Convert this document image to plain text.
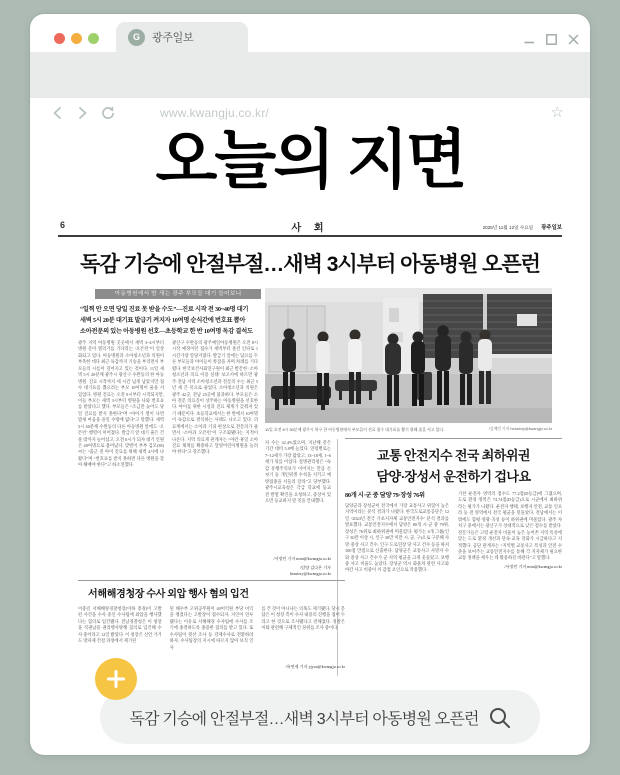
G	광주일보
www.kwangju.co.kr/	☆
오늘의 지면
6	사 회	2025년 11월 12일 수요일 광주일보
독감 기승에 안절부절…새벽 3시부터 아동병원 오픈런
아동병원에서 밤 새는 광주 부모들 대기 들어보니
“일찍 안 오면 당일 진료 못 받을 수도”—진료 시작 전 30~40명 대기
새벽 5시 20분 대기표 발급기 켜지자 10여명 순식간에 번호표 뽑아
소아전문의 있는 아동병원 선호—초등학교 한 반 10여명 독감 결석도
광주 지역 아동병원 곳곳에서 새벽 3~4시부터 병원 문이 열리기를 기다리는 ‘오픈런’이 일상화되고 있다. 아동병원과 소아청소년과 의원이 부족한 데다 최근 독감까지 기승을 부리면서 부모들의 시름이 깊어지고 있는 것이다. 11일 새벽 5시 20분께 광주시 광산구 수완동의 한 아동병원. 진료 시작까지 세 시간 넘게 남았지만 접수 대기표를 뽑으려는 부모 10여명이 줄을 서 있었다. 병원 진료는 오전 9시부터 시작되지만, 이들 부모는 새벽 3시부터 병원을 나와 번호표를 받았다고 했다. 부모들은 “조금만 늦어도 당일 진료를 받지 못한다”며 “아이가 열이 나면 밤새 마음을 졸일 수밖에 없다”고 말했다. 새벽 5시 40분께 수완동의 다른 아동병원 앞에도 ‘오픈런’ 행렬이 이어졌다. 발급기 앞 대기 줄은 건물 밖까지 늘어섰고, 오전 6시가 되자 대기 인원은 40여명으로 불어났다. 맞벌이 부부 김모(38)씨는 “출근 전 아이 진료를 위해 새벽 4시에 나왔다”며 “번호표를 받지 못하면 다른 병원을 찾아 헤매야 한다”고 하소연했다.
광산구 수완동의 광주예일아동병원은 오전 8시 시작 예정이던 접수가 새벽부터 몰린 인파로 1시간가량 앞당겨졌다. 발급기 앞에는 담요를 두른 부모들과 아이들이 쪽잠을 자며 차례를 기다렸다. 한국보건사회연구원이 최근 발간한 ‘소아청소년과 의료 이용 실태’ 보고서에 따르면 광주·전남 지역 소아청소년과 전문의 수는 최근 5년 새 큰 폭으로 줄었다. 소아청소년과 의원은 광주 42곳, 전남 25곳에 불과하다. 부모들은 소아 전문 의료진이 상주하는 아동병원을 선호한다. 아이를 위한 시설과 진료 체계가 갖춰져 있기 때문이다. 초등학교에서는 한 반에서 10여명이 독감으로 결석하는 사례도 나오고 있다. 의료계에서는 소아과 기피 현상으로 전문의가 줄면서 ‘소아과 오픈런’이 구조화됐다는 지적이 나온다. 지역 의료계 관계자는 “야간·휴일 소아 진료 체계를 확충하고 달빛어린이병원을 늘려야 한다”고 강조했다.
11일 오전 6시 30분께 광주시 북구 한 아동병원에서 부모들이 진료 접수 대기표를 뽑기 위해 줄을 서고 있다.	/김예빈 기자 heastory@kwangju.co.kr
자 수는 32.4%였으며, 지난해 같은 기간 대비 5.8배 늘었다. 연령별로는 7~12세가 가장 많았고, 13~18세, 1~6세가 뒤를 이었다. 질병관리청은 “독감 유행주의보가 이어지는 만큼 손 씻기 등 개인위생 수칙을 지키고 예방접종을 서둘러 달라”고 당부했다. 광주시교육청은 각급 학교에 등교 전 발열 확인을 요청하고, 증상이 있으면 등교하지 말 것을 안내했다.
/서정민 기자 mini@kwangju.co.kr
/담양 김다은 기자 heastory@kwangju.co.kr
교통 안전지수 전국 최하위권
담양·장성서 운전하기 겁나요
80개 시·군 중 담양 79·장성 76위
담양군과 장성군이 전국에서 가장 교통사고 위험이 높은 지역이라는 분석 결과가 나왔다. 한국도로교통공단은 12일 ‘2024년 전국 기초지자체 교통안전지수’ 분석 결과를 발표했다. 교통안전지수에서 담양은 80개 시·군 중 79위, 장성은 76위로 최하위권에 머물렀다. 평가는 4개 그룹(인구 30만 이상 시, 인구 30만 미만 시, 군, 구)으로 구분해 사망·중상 사고 건수, 인구·도로연장 당 사고 건수 등을 따져 100점 만점으로 산출한다. 담양군은 교통사고 사망자 수와 중상 사고 건수가 군 지역 평균을 크게 웃돌았고, 보행 중 사고 비율도 높았다. 장성군 역시 화물차 관련 사고와 야간 사고 비중이 커 감점 요인으로 작용했다.
기찬 운전자 영역의 점수도 77.2점(D등급)에 그쳤으며, 도로 환경 영역은 74.74점(D등급)으로 시군에서 최하위라는 평가가 나왔다. 운전자 행태, 보행자 안전, 교통 인프라 등 전 영역에서 전국 평균을 밑돌았다. 전남에서는 이 밖에도 함평·영광·곡성 등이 하위권에 머물렀다. 광주 자치구 중에서는 광산구가 상대적으로 낮은 점수를 받았다. 전문가들은 고령 운전자 비율이 높은 농어촌 지역 특성에 맞는 도로 환경 개선과 단속·교육 강화가 시급하다고 지적했다. 공단 관계자는 “지역별 교통사고 특성과 안전 수준을 보여주는 교통안전지수를 통해 각 지자체가 필요한 교통 정책을 세우는 데 활용하길 바란다”고 말했다.
/서정민 기자 mini@kwangju.co.kr
서해해경청장 수사 외압 행사 혐의 입건
이중길 서해해양경찰청장(이하 총경)이 고발된 사건을 수사 중인 수사팀에 외압을 행사했다는 혐의로 입건됐다. 전남경찰청은 이 청장을 직권남용 권리행사방해 혐의로 입건해 수사 중이라고 12일 밝혔다. 이 청장은 신안 가거도 방파제 건설 과정에서 제기된
된 해수부 고위공무원이 40여억원 부당 이익을 챙겼다는 고발장이 접수되자, 지인이 연루됐다는 이유로 서해해경 수사팀에 수사를 조기에 종결하도록 종용한 혐의를 받고 있다. 또 수사팀이 윗선 조사 등 강제수사로 전환하려 하자, 수사팀장의 지시에 따르지 않아 보직 인사
를 건 것이 아니냐는 의혹도 제기됐다. 당시 문답은 이 청장 측이 수사 내용의 진행을 접어 두라고 한 것으로 조사됐다고 전해졌다. 경찰은 이와 관련해 구체적인 경위를 조사 중이다.
/유연재 기자 yjyou@kwangju.co.kr
독감 기승에 안절부절…새벽 3시부터 아동병원 오픈런
